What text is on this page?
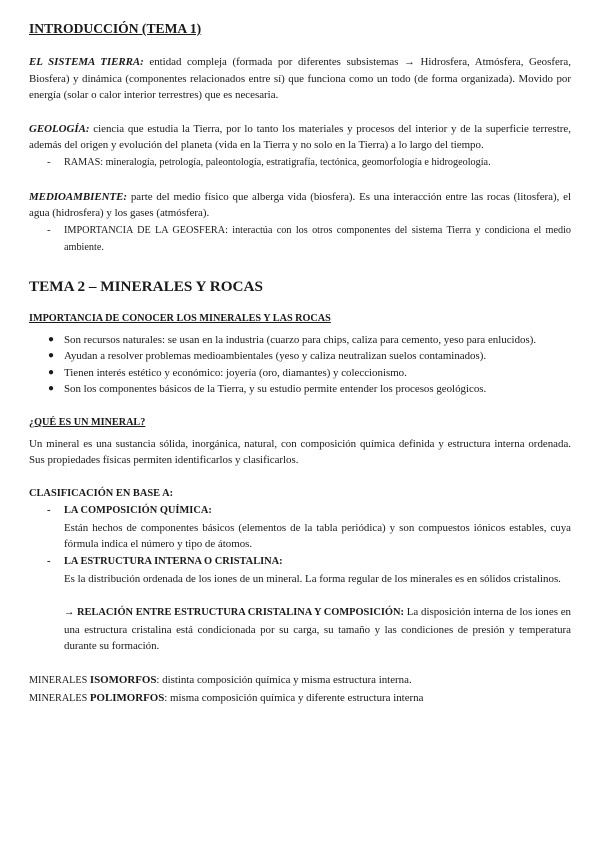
INTRODUCCIÓN (TEMA 1)

EL SISTEMA TIERRA: entidad compleja (formada por diferentes subsistemas → Hidrosfera, Atmósfera, Geosfera, Biosfera) y dinámica (componentes relacionados entre sí) que funciona como un todo (de forma organizada). Movido por energía (solar o calor interior terrestres) que es necesaria.

GEOLOGÍA: ciencia que estudia la Tierra, por lo tanto los materiales y procesos del interior y de la superficie terrestre, además del origen y evolución del planeta (vida en la Tierra y no solo en la Tierra) a lo largo del tiempo.

- RAMAS: mineralogía, petrología, paleontología, estratigrafía, tectónica, geomorfología e hidrogeología.

MEDIOAMBIENTE: parte del medio físico que alberga vida (biosfera). Es una interacción entre las rocas (litosfera), el agua (hidrosfera) y los gases (atmósfera).

- IMPORTANCIA DE LA GEOSFERA: interactúa con los otros componentes del sistema Tierra y condiciona el medio ambiente.
TEMA 2 – MINERALES Y ROCAS
IMPORTANCIA DE CONOCER LOS MINERALES Y LAS ROCAS
● Son recursos naturales: se usan en la industria (cuarzo para chips, caliza para cemento, yeso para enlucidos).
● Ayudan a resolver problemas medioambientales (yeso y caliza neutralizan suelos contaminados).
● Tienen interés estético y económico: joyería (oro, diamantes) y coleccionismo.
● Son los componentes básicos de la Tierra, y su estudio permite entender los procesos geológicos.
¿QUÉ ES UN MINERAL?

Un mineral es una sustancia sólida, inorgánica, natural, con composición química definida y estructura interna ordenada. Sus propiedades físicas permiten identificarlos y clasificarlos.

CLASIFICACIÓN EN BASE A:
- LA COMPOSICIÓN QUÍMICA:

Están hechos de componentes básicos (elementos de la tabla periódica) y son compuestos iónicos estables, cuya fórmula indica el número y tipo de átomos.

- LA ESTRUCTURA INTERNA O CRISTALINA:

Es la distribución ordenada de los iones de un mineral. La forma regular de los minerales es en sólidos cristalinos.

→ RELACIÓN ENTRE ESTRUCTURA CRISTALINA Y COMPOSICIÓN: La disposición interna de los iones en una estructura cristalina está condicionada por su carga, su tamaño y las condiciones de presión y temperatura durante su formación.

MINERALES ISOMORFOS: distinta composición química y misma estructura interna.

MINERALES POLIMORFOS: misma composición química y diferente estructura interna
